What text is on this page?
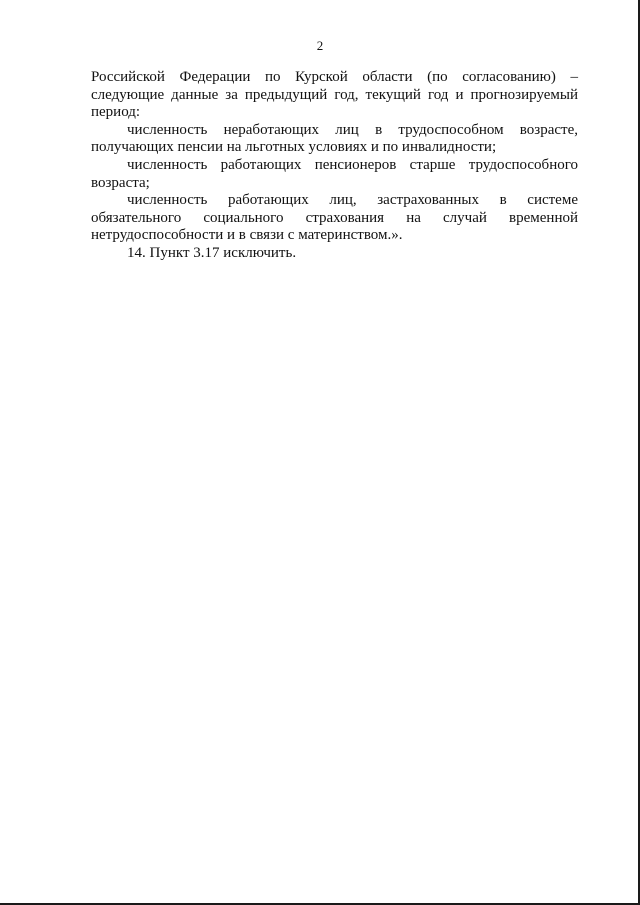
2

Российской Федерации по Курской области (по согласованию) – следующие данные за предыдущий год, текущий год и прогнозируемый период:

численность неработающих лиц в трудоспособном возрасте, получающих пенсии на льготных условиях и по инвалидности;

численность работающих пенсионеров старше трудоспособного возраста;

численность работающих лиц, застрахованных в системе обязательного социального страхования на случай временной нетрудоспособности и в связи с материнством.».

14. Пункт 3.17 исключить.
